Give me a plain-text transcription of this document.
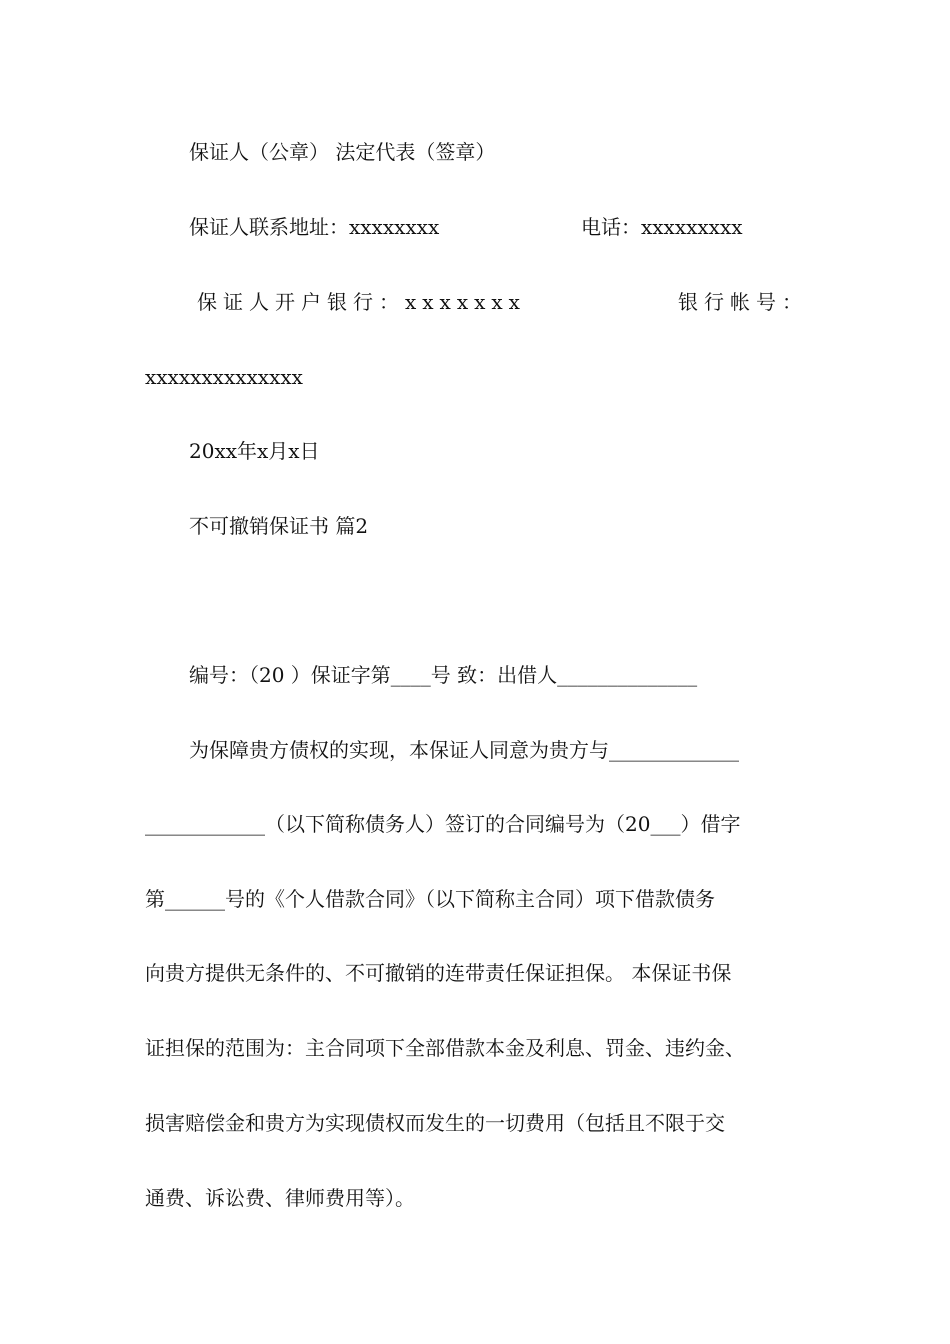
保证人（公章） 法定代表（签章）
保证人联系地址：xxxxxxxx	电话：xxxxxxxxx
保证人开户银行：xxxxxxx	银行帐号：
xxxxxxxxxxxxxx
20xx年x月x日
不可撤销保证书 篇2
编号：（20 ）保证字第____号 致：出借人______________
为保障贵方债权的实现，本保证人同意为贵方与_____________
____________（以下简称债务人）签订的合同编号为（20___）借字
第______号的《个人借款合同》（以下简称主合同）项下借款债务
向贵方提供无条件的、不可撤销的连带责任保证担保。 本保证书保
证担保的范围为：主合同项下全部借款本金及利息、罚金、违约金、
损害赔偿金和贵方为实现债权而发生的一切费用（包括且不限于交
通费、诉讼费、律师费用等）。
